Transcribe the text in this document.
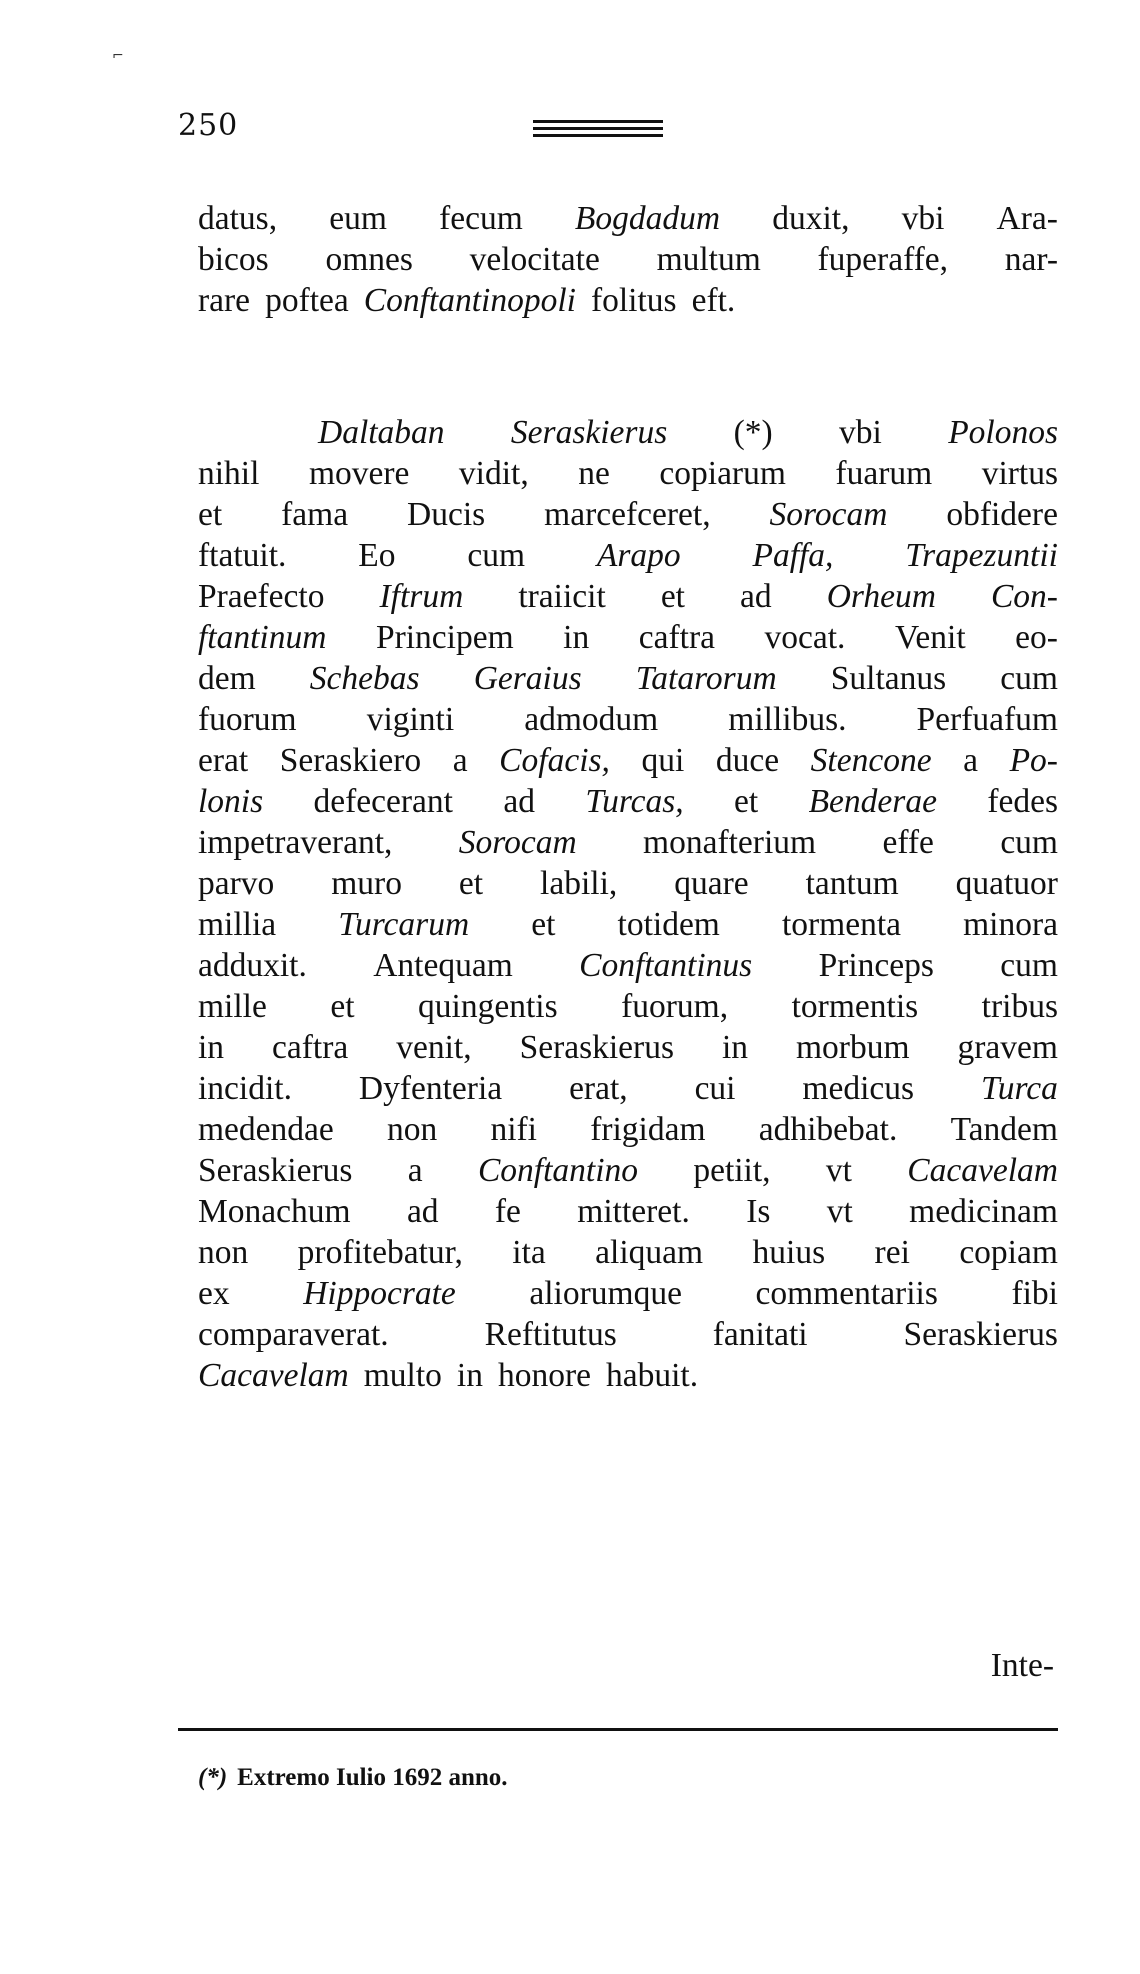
⌐
250
datus, eum fecum Bogdadum duxit, vbi Ara-
bicos omnes velocitate multum fuperaffe, nar-
rare poftea Conftantinopoli folitus eft.
Daltaban Seraskierus (*) vbi Polonos
nihil movere vidit, ne copiarum fuarum virtus
et fama Ducis marcefceret, Sorocam obfidere
ftatuit. Eo cum Arapo Paffa, Trapezuntii
Praefecto Iftrum traiicit et ad Orheum Con-
ftantinum Principem in caftra vocat. Venit eo-
dem Schebas Geraius Tatarorum Sultanus cum
fuorum viginti admodum millibus. Perfuafum
erat Seraskiero a Cofacis, qui duce Stencone a Po-
lonis defecerant ad Turcas, et Benderae fedes
impetraverant, Sorocam monafterium effe cum
parvo muro et labili, quare tantum quatuor
millia Turcarum et totidem tormenta minora
adduxit. Antequam Conftantinus Princeps cum
mille et quingentis fuorum, tormentis tribus
in caftra venit, Seraskierus in morbum gravem
incidit. Dyfenteria erat, cui medicus Turca
medendae non nifi frigidam adhibebat. Tandem
Seraskierus a Conftantino petiit, vt Cacavelam
Monachum ad fe mitteret. Is vt medicinam
non profitebatur, ita aliquam huius rei copiam
ex Hippocrate aliorumque commentariis fibi
comparaverat.	Reftitutus	fanitati	Seraskierus
Cacavelam multo in honore habuit.
Inte-
(*) Extremo Iulio 1692 anno.
